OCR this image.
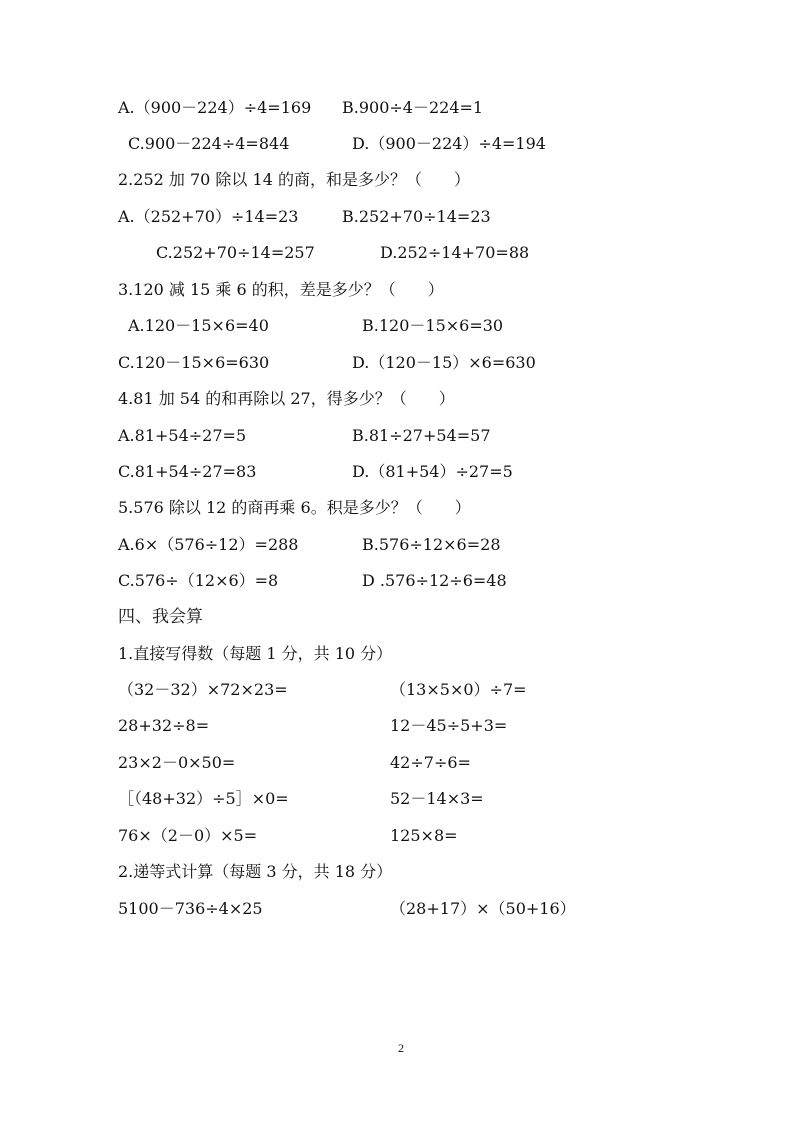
A.（900－224）÷4=169 B.900÷4－224=1
C.900－224÷4=844	D.（900－224）÷4=194
2.252 加 70 除以 14 的商，和是多少？（　　）
A.（252+70）÷14=23	B.252+70÷14=23
C.252+70÷14=257	D.252÷14+70=88
3.120 减 15 乘 6 的积，差是多少？（　　）
A.120－15×6=40	B.120－15×6=30
C.120－15×6=630	D.（120－15）×6=630
4.81 加 54 的和再除以 27，得多少？（　　）
A.81+54÷27=5	B.81÷27+54=57
C.81+54÷27=83	D.（81+54）÷27=5
5.576 除以 12 的商再乘 6。积是多少？（　　）
A.6×（576÷12）=288	B.576÷12×6=28
C.576÷（12×6）=8	D .576÷12÷6=48
四、我会算
1.直接写得数（每题 1 分，共 10 分）
（32－32）×72×23=	（13×5×0）÷7=
28+32÷8=	12－45÷5+3=
23×2－0×50=	42÷7÷6=
［（48+32）÷5］×0=	52－14×3=
76×（2－0）×5=	125×8=
2.递等式计算（每题 3 分，共 18 分）
5100－736÷4×25	（28+17）×（50+16）
2
